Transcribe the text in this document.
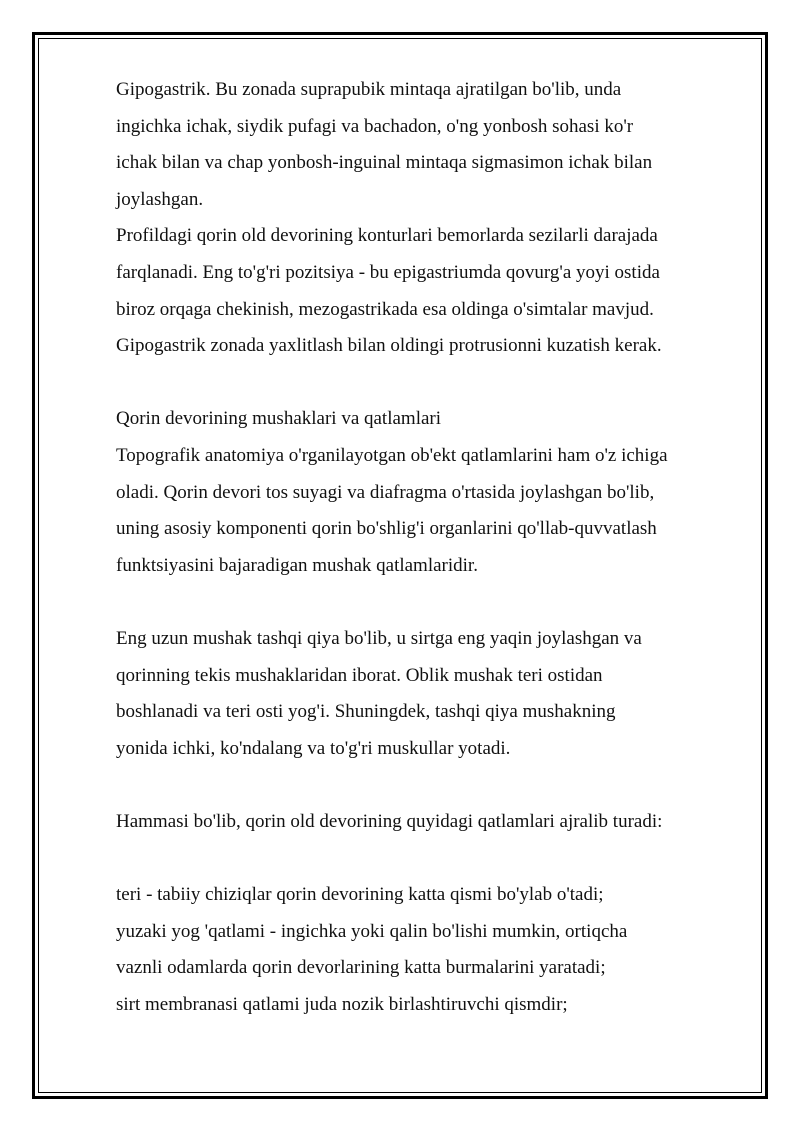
Gipogastrik. Bu zonada suprapubik mintaqa ajratilgan bo'lib, unda
ingichka ichak, siydik pufagi va bachadon, o'ng yonbosh sohasi ko'r
ichak bilan va chap yonbosh-inguinal mintaqa sigmasimon ichak bilan
joylashgan.
Profildagi qorin old devorining konturlari bemorlarda sezilarli darajada
farqlanadi. Eng to'g'ri pozitsiya - bu epigastriumda qovurg'a yoyi ostida
biroz orqaga chekinish, mezogastrikada esa oldinga o'simtalar mavjud.
Gipogastrik zonada yaxlitlash bilan oldingi protrusionni kuzatish kerak.
Qorin devorining mushaklari va qatlamlari
Topografik anatomiya o'rganilayotgan ob'ekt qatlamlarini ham o'z ichiga
oladi. Qorin devori tos suyagi va diafragma o'rtasida joylashgan bo'lib,
uning asosiy komponenti qorin bo'shlig'i organlarini qo'llab-quvvatlash
funktsiyasini bajaradigan mushak qatlamlaridir.
Eng uzun mushak tashqi qiya bo'lib, u sirtga eng yaqin joylashgan va
qorinning tekis mushaklaridan iborat. Oblik mushak teri ostidan
boshlanadi va teri osti yog'i. Shuningdek, tashqi qiya mushakning
yonida ichki, ko'ndalang va to'g'ri muskullar yotadi.
Hammasi bo'lib, qorin old devorining quyidagi qatlamlari ajralib turadi:
teri - tabiiy chiziqlar qorin devorining katta qismi bo'ylab o'tadi;
yuzaki yog 'qatlami - ingichka yoki qalin bo'lishi mumkin, ortiqcha
vaznli odamlarda qorin devorlarining katta burmalarini yaratadi;
sirt membranasi qatlami juda nozik birlashtiruvchi qismdir;
